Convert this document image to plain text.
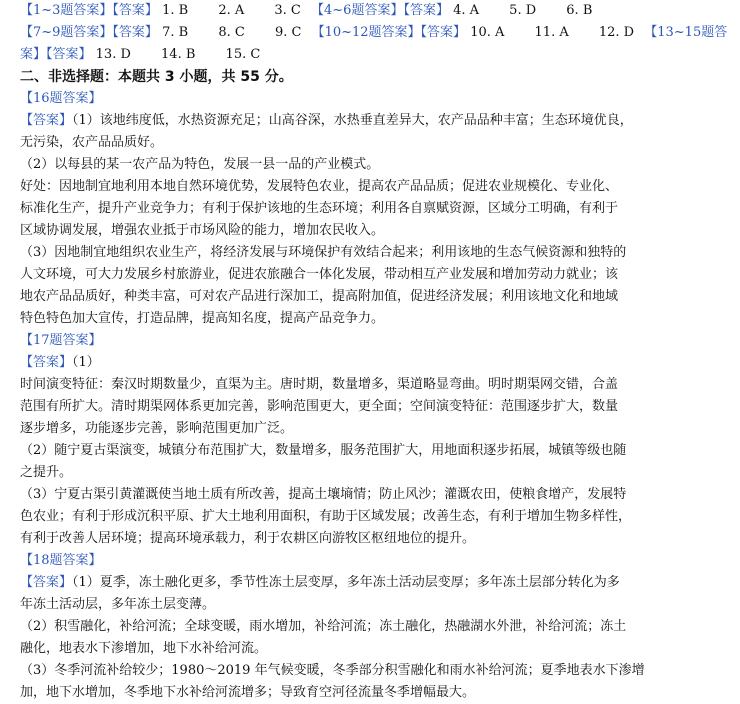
【1~3题答案】【答案】 1. B 2. A 3. C 【4~6题答案】【答案】 4. A 5. D 6. B
【7~9题答案】【答案】 7. B 8. C 9. C 【10~12题答案】【答案】 10. A 11. A 12. D 【13~15题答
案】【答案】 13. D 14. B 15. C
二、非选择题：本题共 3 小题，共 55 分。
【16题答案】
【答案】（1）该地纬度低，水热资源充足；山高谷深，水热垂直差异大，农产品品种丰富；生态环境优良，
无污染，农产品品质好。
（2）以每县的某一农产品为特色，发展一县一品的产业模式。
好处：因地制宜地利用本地自然环境优势，发展特色农业，提高农产品品质；促进农业规模化、专业化、
标准化生产，提升产业竞争力；有利于保护该地的生态环境；利用各自禀赋资源，区域分工明确，有利于
区域协调发展，增强农业抵于市场风险的能力，增加农民收入。
（3）因地制宜地组织农业生产，将经济发展与环境保护有效结合起来；利用该地的生态气候资源和独特的
人文环境，可大力发展乡村旅游业，促进农旅融合一体化发展，带动相互产业发展和增加劳动力就业；该
地农产品品质好，种类丰富，可对农产品进行深加工，提高附加值，促进经济发展；利用该地文化和地域
特色特色加大宣传，打造品牌，提高知名度，提高产品竞争力。
【17题答案】
【答案】（1）
时间演变特征：秦汉时期数量少，直渠为主。唐时期，数量增多，渠道略显弯曲。明时期渠网交错，合盖
范围有所扩大。清时期渠网体系更加完善，影响范围更大，更全面；空间演变特征：范围逐步扩大，数量
逐步增多，功能逐步完善，影响范围更加广泛。
（2）随宁夏古渠演变，城镇分布范围扩大，数量增多，服务范围扩大，用地面积逐步拓展，城镇等级也随
之提升。
（3）宁夏古渠引黄灌溉使当地土质有所改善，提高土壤墒情；防止风沙；灌溉农田，使粮食增产，发展特
色农业；有利于形成沉积平原、扩大土地利用面积，有助于区域发展；改善生态，有利于增加生物多样性，
有利于改善人居环境；提高环境承载力，利于农耕区向游牧区枢纽地位的提升。
【18题答案】
【答案】（1）夏季，冻土融化更多，季节性冻土层变厚，多年冻土活动层变厚；多年冻土层部分转化为多
年冻土活动层，多年冻土层变薄。
（2）积雪融化，补给河流；全球变暖，雨水增加，补给河流；冻土融化，热融湖水外泄，补给河流；冻土
融化，地表水下渗增加，地下水补给河流。
（3）冬季河流补给较少；1980～2019 年气候变暖，冬季部分积雪融化和雨水补给河流；夏季地表水下渗增
加，地下水增加，冬季地下水补给河流增多；导致育空河径流量冬季增幅最大。
